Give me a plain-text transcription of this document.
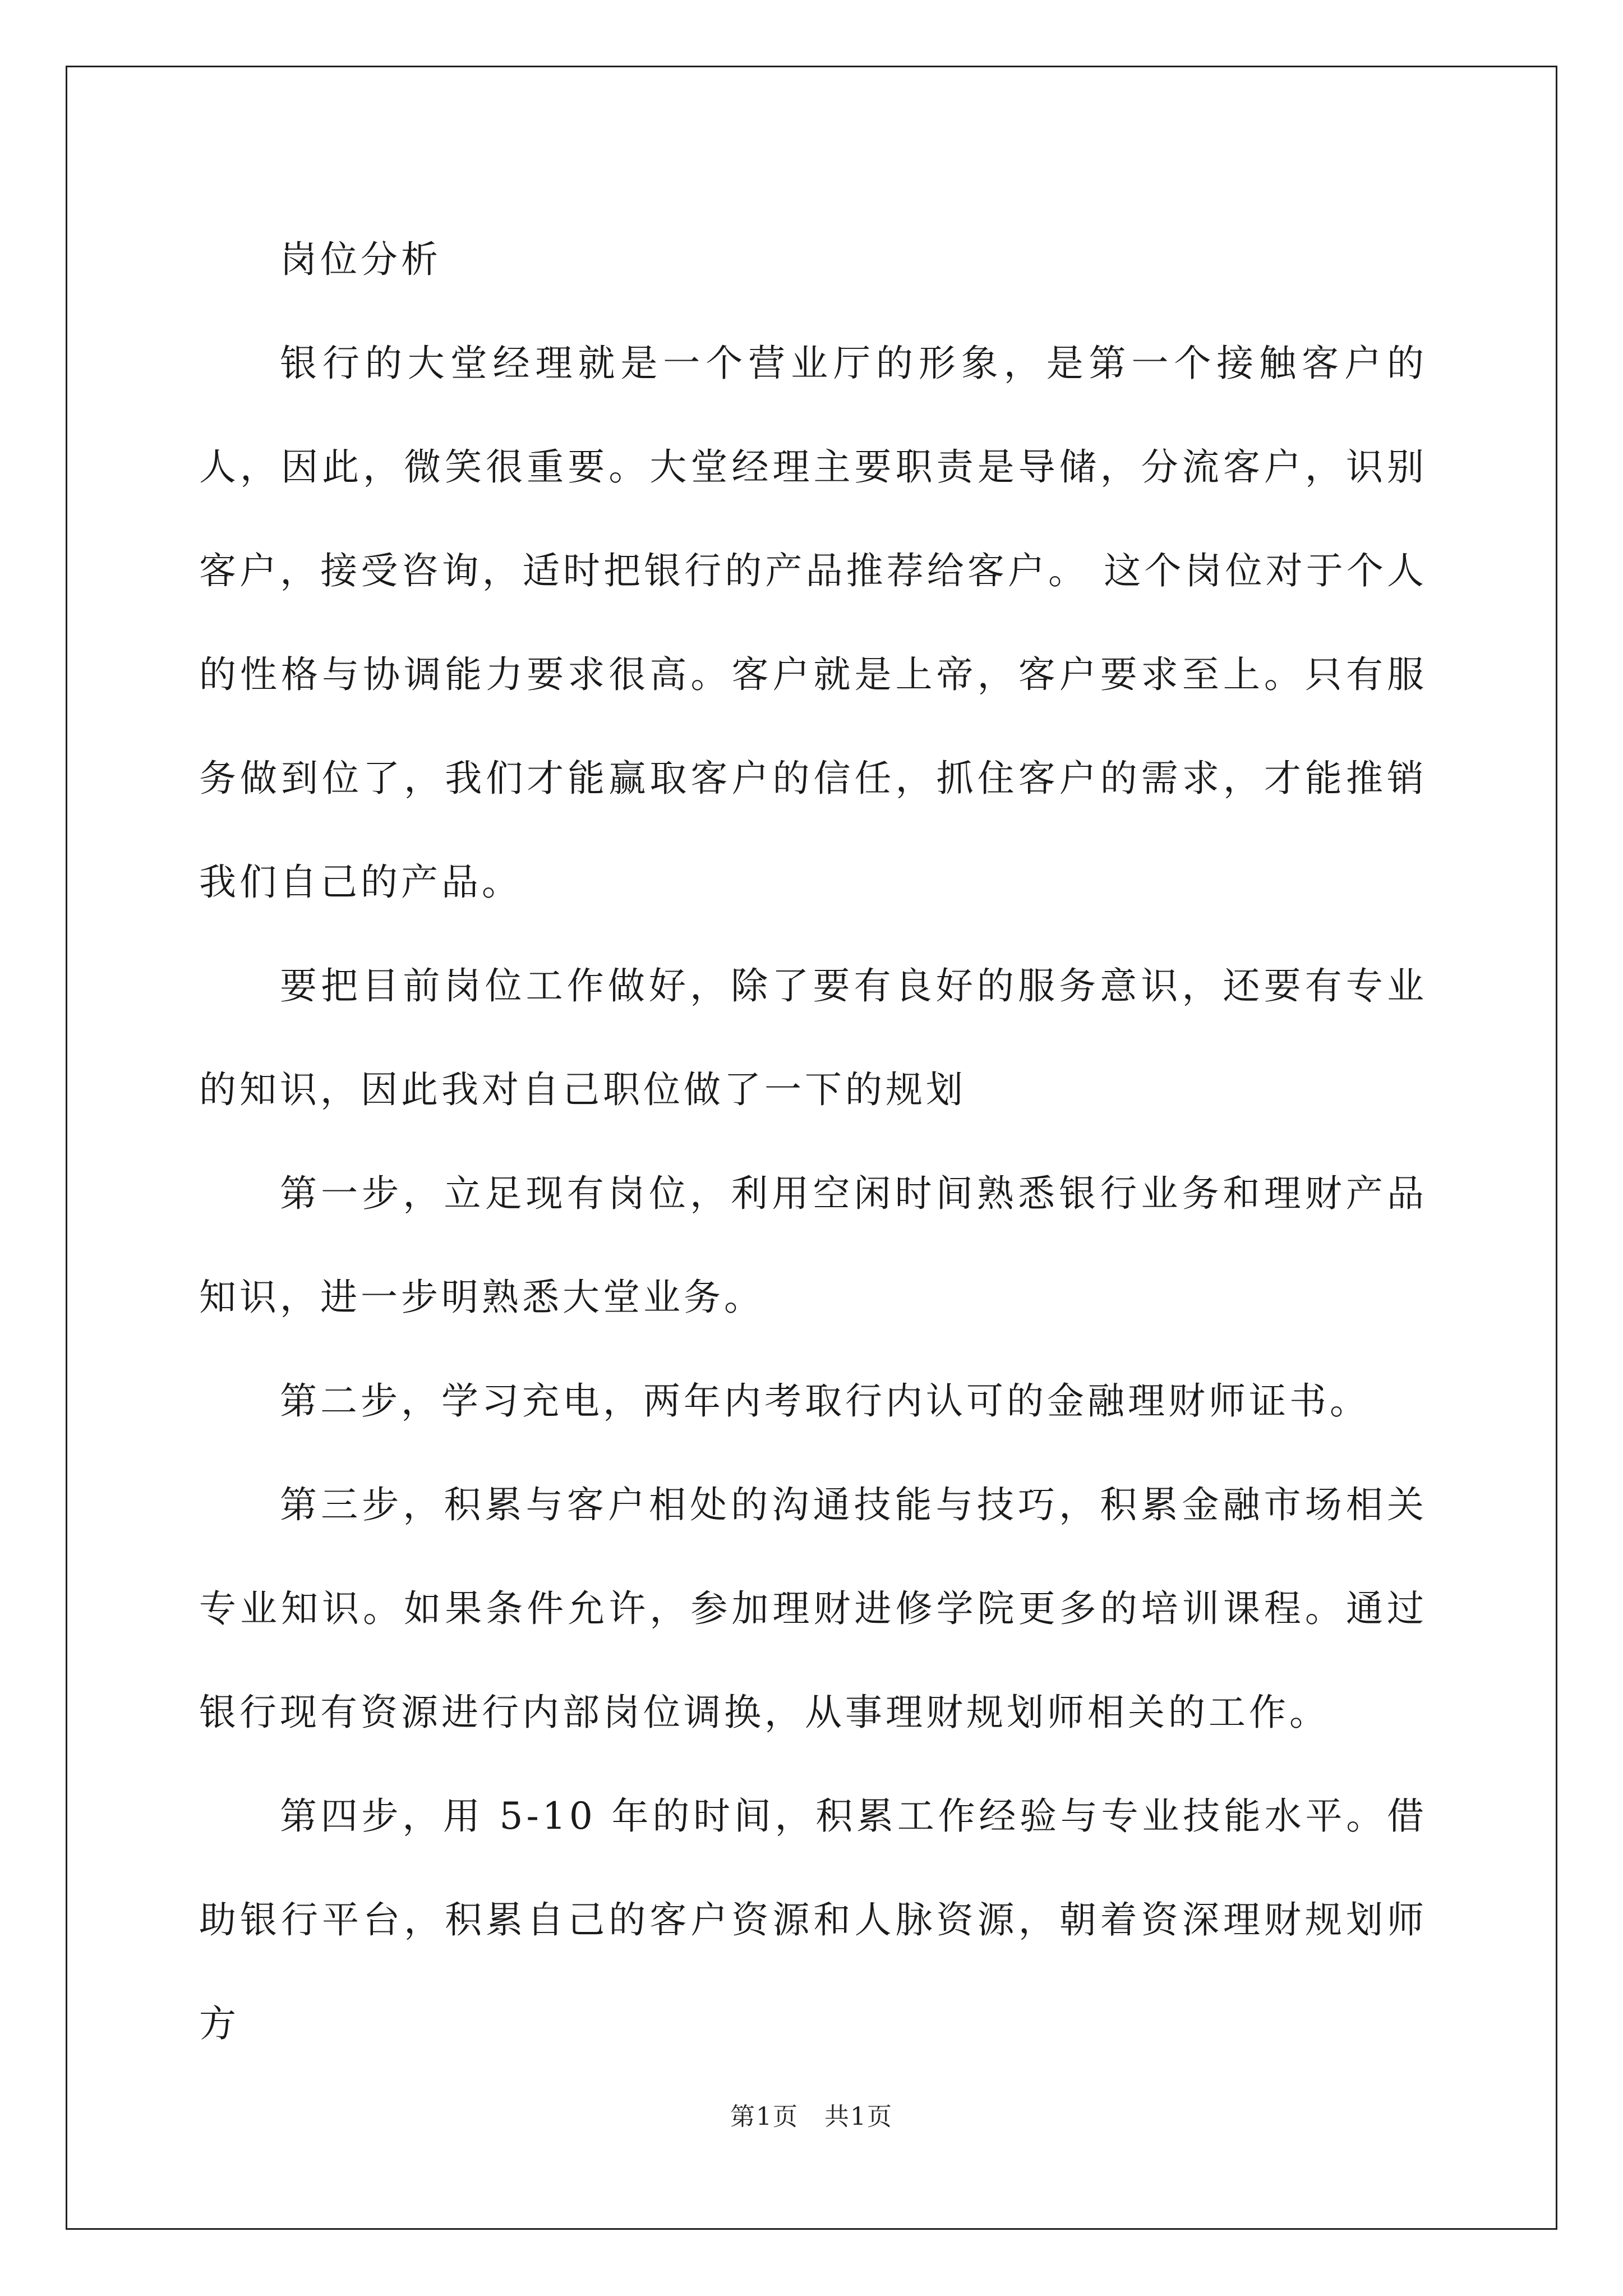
岗位分析

银行的大堂经理就是一个营业厅的形象，是第一个接触客户的人，因此，微笑很重要。大堂经理主要职责是导储，分流客户，识别客户，接受咨询，适时把银行的产品推荐给客户。 这个岗位对于个人的性格与协调能力要求很高。客户就是上帝，客户要求至上。只有服务做到位了，我们才能赢取客户的信任，抓住客户的需求，才能推销我们自己的产品。

要把目前岗位工作做好，除了要有良好的服务意识，还要有专业的知识，因此我对自己职位做了一下的规划

第一步，立足现有岗位，利用空闲时间熟悉银行业务和理财产品知识，进一步明熟悉大堂业务。

第二步，学习充电，两年内考取行内认可的金融理财师证书。

第三步，积累与客户相处的沟通技能与技巧，积累金融市场相关专业知识。如果条件允许，参加理财进修学院更多的培训课程。通过银行现有资源进行内部岗位调换，从事理财规划师相关的工作。

第四步，用 5-10 年的时间，积累工作经验与专业技能水平。借助银行平台，积累自己的客户资源和人脉资源，朝着资深理财规划师方

第1页 共1页
